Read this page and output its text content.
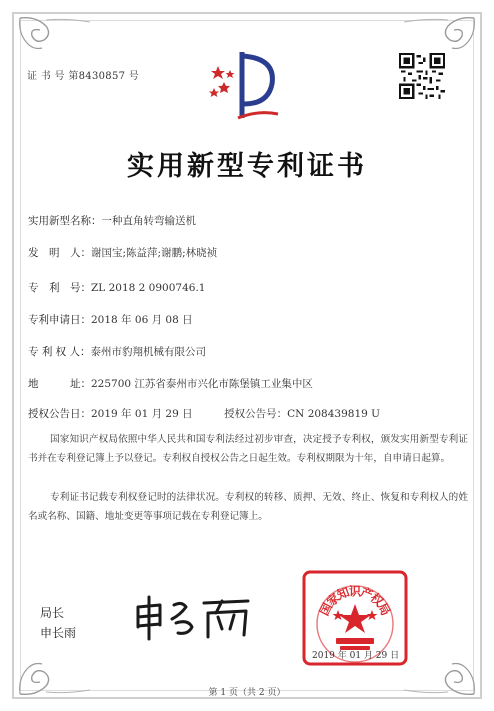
证 书 号 第8430857 号
实用新型专利证书
实用新型名称：一种直角转弯输送机
发　明　人：谢国宝;陈益萍;谢鹏;林晓祯
专　利　号：ZL 2018 2 0900746.1
专利申请日：2018 年 06 月 08 日
专 利 权 人：泰州市豹翔机械有限公司
地　　　址：225700 江苏省泰州市兴化市陈堡镇工业集中区
授权公告日：2019 年 01 月 29 日　　　授权公告号：CN 208439819 U
国家知识产权局依照中华人民共和国专利法经过初步审查，决定授予专利权，颁发实用新型专利证书并在专利登记簿上予以登记。专利权自授权公告之日起生效。专利权期限为十年，自申请日起算。
专利证书记载专利权登记时的法律状况。专利权的转移、质押、无效、终止、恢复和专利权人的姓名或名称、国籍、地址变更等事项记载在专利登记簿上。
局长
申长雨
国
家
知
识
产
权
局
2019 年 01 月 29 日
第 1 页（共 2 页）
